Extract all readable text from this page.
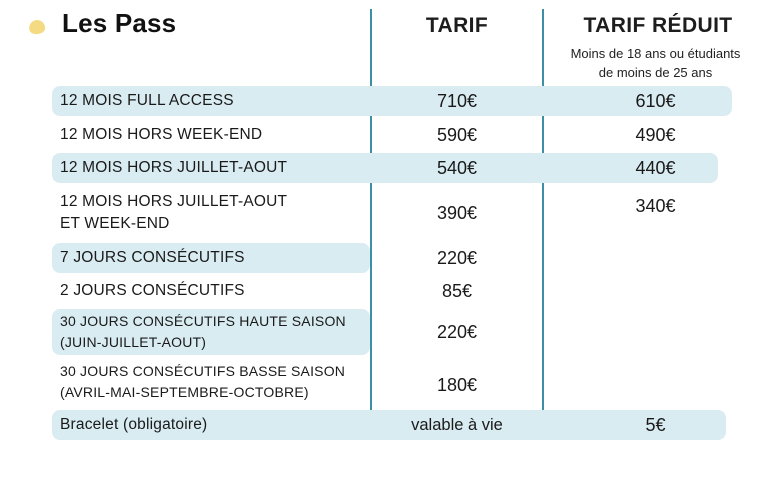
Les Pass	TARIF	TARIF RÉDUIT
Moins de 18 ans ou étudiants
de moins de 25 ans
12 MOIS FULL ACCESS	710€	610€
12 MOIS HORS WEEK-END	590€	490€
12 MOIS HORS JUILLET-AOUT	540€	440€
12 MOIS HORS JUILLET-AOUT
ET WEEK-END
390€	340€
7 JOURS CONSÉCUTIFS	220€
2 JOURS CONSÉCUTIFS	85€
30 JOURS CONSÉCUTIFS HAUTE SAISON
(JUIN-JUILLET-AOUT)
220€
30 JOURS CONSÉCUTIFS BASSE SAISON
(AVRIL-MAI-SEPTEMBRE-OCTOBRE)	180€
Bracelet (obligatoire)	valable à vie	5€
